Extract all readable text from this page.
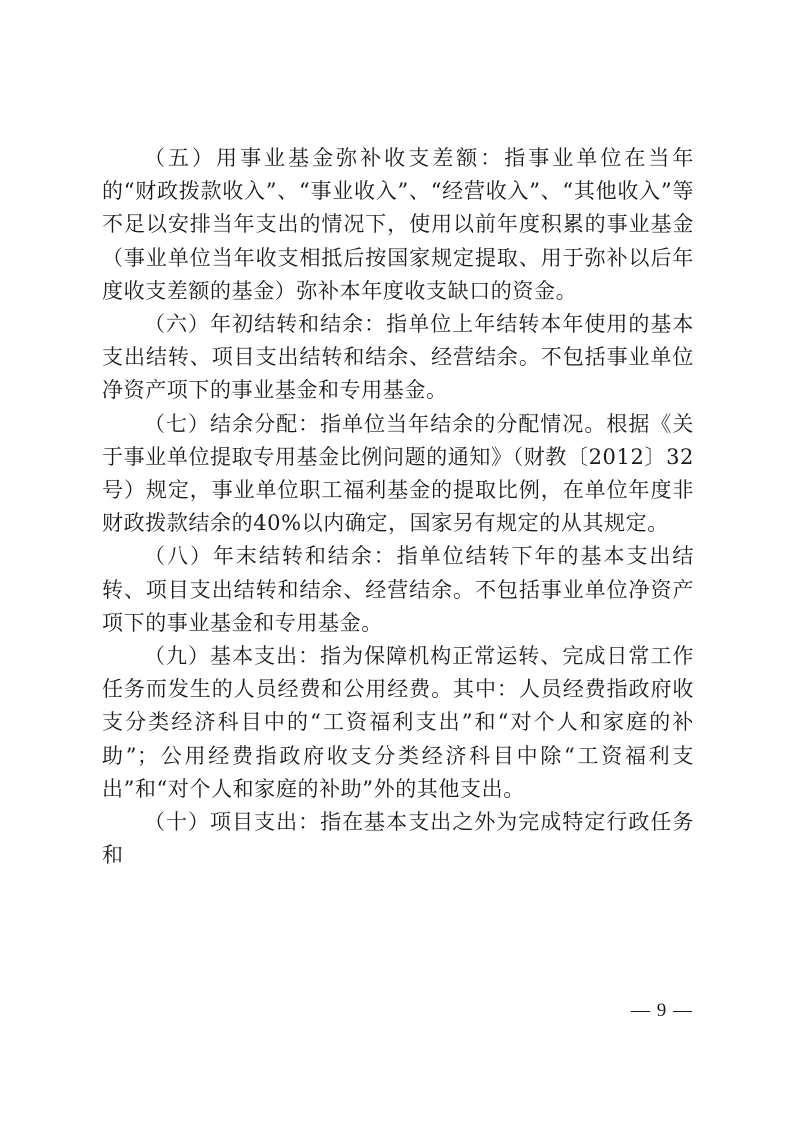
（五）用事业基金弥补收支差额：指事业单位在当年的“财政拨款收入”、“事业收入”、“经营收入”、“其他收入”等不足以安排当年支出的情况下，使用以前年度积累的事业基金（事业单位当年收支相抵后按国家规定提取、用于弥补以后年度收支差额的基金）弥补本年度收支缺口的资金。

（六）年初结转和结余：指单位上年结转本年使用的基本支出结转、项目支出结转和结余、经营结余。不包括事业单位净资产项下的事业基金和专用基金。

（七）结余分配：指单位当年结余的分配情况。根据《关于事业单位提取专用基金比例问题的通知》（财教〔2012〕32号）规定，事业单位职工福利基金的提取比例，在单位年度非财政拨款结余的40%以内确定，国家另有规定的从其规定。

（八）年末结转和结余：指单位结转下年的基本支出结转、项目支出结转和结余、经营结余。不包括事业单位净资产项下的事业基金和专用基金。

（九）基本支出：指为保障机构正常运转、完成日常工作任务而发生的人员经费和公用经费。其中：人员经费指政府收支分类经济科目中的“工资福利支出”和“对个人和家庭的补助”；公用经费指政府收支分类经济科目中除“工资福利支出”和“对个人和家庭的补助”外的其他支出。

（十）项目支出：指在基本支出之外为完成特定行政任务和

— 9 —
